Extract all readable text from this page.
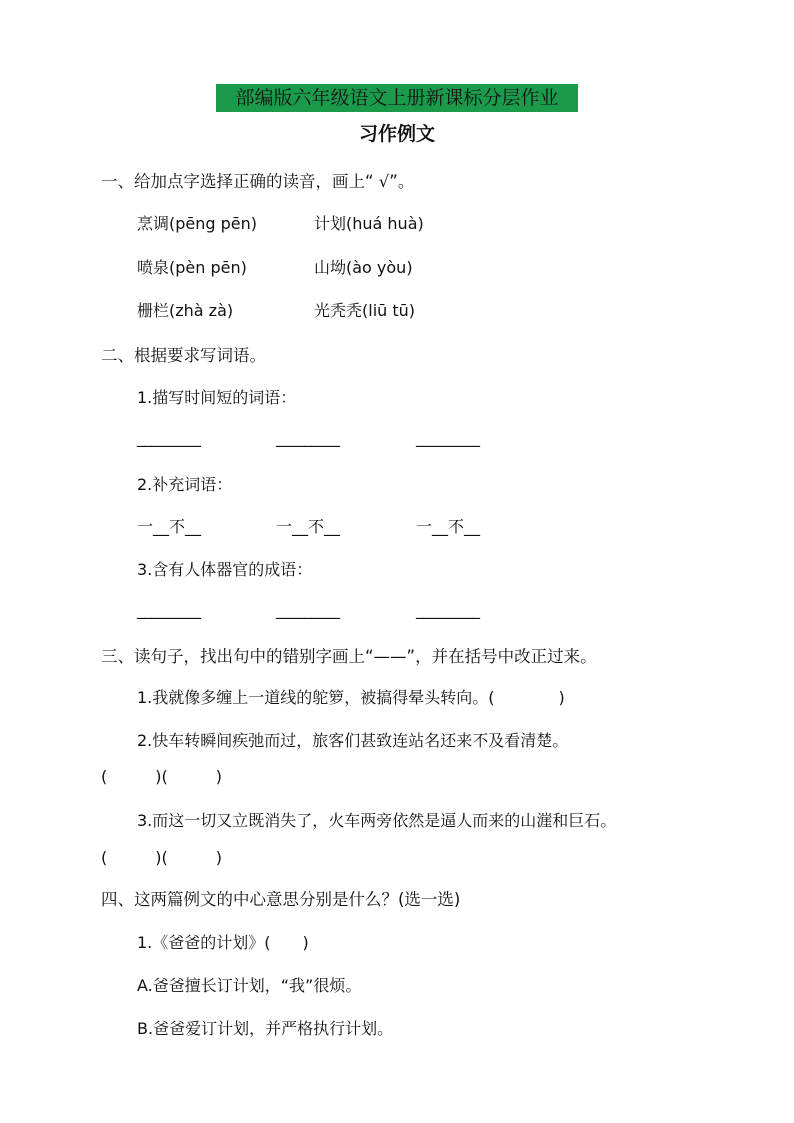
部编版六年级语文上册新课标分层作业
习作例文
一、给加点字选择正确的读音，画上“ √”。
烹调(pēng pēn)	计划(huá huà)
喷泉(pèn pēn)	山坳(ào yòu)
栅栏(zhà zà)	光秃秃(liū tū)
二、根据要求写词语。
1.描写时间短的词语：
_________	_________	_________
2.补充词语：
一__不__	一__不__	一__不__
3.含有人体器官的成语：
_________	_________	_________
三、读句子，找出句中的错别字画上“——”，并在括号中改正过来。
1.我就像多缠上一道线的鸵箩，被搞得晕头转向。(　　　　)
2.快车转瞬间疾弛而过，旅客们甚致连站名还来不及看清楚。
(　　　)(　　　)
3.而这一切又立既消失了，火车两旁依然是逼人而来的山漄和巨石。
(　　　)(　　　)
四、这两篇例文的中心意思分别是什么？(选一选)
1.《爸爸的计划》(　　)
A.爸爸擅长订计划，“我”很烦。
B.爸爸爱订计划，并严格执行计划。
